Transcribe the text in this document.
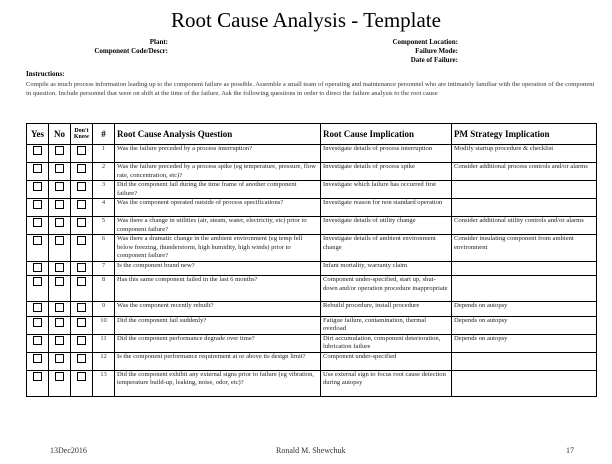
Root Cause Analysis - Template
Plant:
Component Code/Descr:
Component Location:
Failure Mode:
Date of Failure:
Instructions:
Compile as much process information leading up to the component failure as possible. Assemble a small team of operating and maintenance personnel who are intimately familiar with the operation of the component in question. Include personnel that were on shift at the time of the failure. Ask the following questions in order to direct the failure analysis to the root cause
Yes	No	Don't Know	#	Root Cause Analysis Question	Root Cause Implication	PM Strategy Implication
			1	Was the failure preceded by a process interruption?	Investigate details of process interruption	Modify startup procedure & checklist
			2	Was the failure preceded by a process spike (eg temperature, pressure, flow rate, concentration, etc)?	Investigate details of process spike	Consider additional process controls and/or alarms
			3	Did the component fail during the time frame of another component failure?	Investigate which failure has occurred first	
			4	Was the component operated outside of process specifications?	Investigate reason for non standard operation	
			5	Was there a change in utilities (air, steam, water, electricity, etc) prior to component failure?	Investigate details of utility change	Consider additional utility controls and/or alarms
			6	Was there a dramatic change in the ambient environment (eg temp fell below freezing, thunderstorm, high humidity, high winds) prior to component failure?	Investigate details of ambient environment change	Consider insulating component from ambient environment
			7	Is the component brand new?	Infant mortality, warranty claim	
			8	Has this same component failed in the last 6 months?	Component under-specified, start up, shut-down and/or operation procedure inappropriate	
			9	Was the component recently rebuilt?	Rebuild procedure, install procedure	Depends on autopsy
			10	Did the component fail suddenly?	Fatigue failure, contamination, thermal overload	Depends on autopsy
			11	Did the component performance degrade over time?	Dirt accumulation, component deterioration, lubrication failure	Depends on autopsy
			12	Is the component performance requirement at or above its design limit?	Component under-specified	
			13	Did the component exhibit any external signs prior to failure (eg vibration, temperature build-up, leaking, noise, odor, etc)?	Use external sign to focus root cause detection during autopsy	
13Dec2016	Ronald M. Shewchuk	17
